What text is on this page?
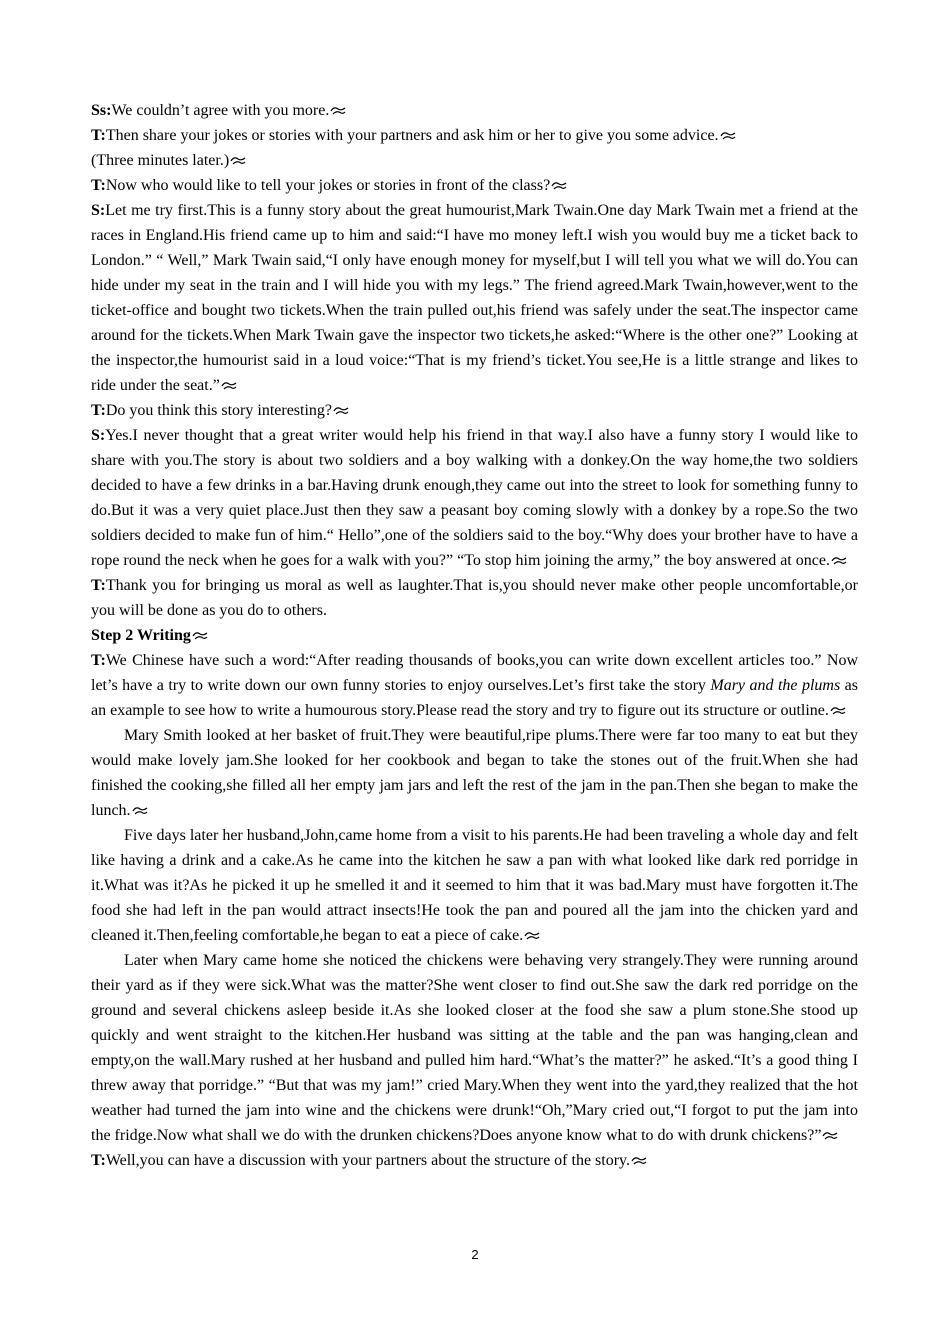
Ss:We couldn’t agree with you more.

T:Then share your jokes or stories with your partners and ask him or her to give you some advice.

(Three minutes later.)

T:Now who would like to tell your jokes or stories in front of the class?

S:Let me try first.This is a funny story about the great humourist,Mark Twain.One day Mark Twain met a friend at the races in England.His friend came up to him and said:“I have mo money left.I wish you would buy me a ticket back to London.” “ Well,” Mark Twain said,“I only have enough money for myself,but I will tell you what we will do.You can hide under my seat in the train and I will hide you with my legs.” The friend agreed.Mark Twain,however,went to the ticket-office and bought two tickets.When the train pulled out,his friend was safely under the seat.The inspector came around for the tickets.When Mark Twain gave the inspector two tickets,he asked:“Where is the other one?” Looking at the inspector,the humourist said in a loud voice:“That is my friend’s ticket.You see,He is a little strange and likes to ride under the seat.”

T:Do you think this story interesting?

S:Yes.I never thought that a great writer would help his friend in that way.I also have a funny story I would like to share with you.The story is about two soldiers and a boy walking with a donkey.On the way home,the two soldiers decided to have a few drinks in a bar.Having drunk enough,they came out into the street to look for something funny to do.But it was a very quiet place.Just then they saw a peasant boy coming slowly with a donkey by a rope.So the two soldiers decided to make fun of him.“ Hello”,one of the soldiers said to the boy.“Why does your brother have to have a rope round the neck when he goes for a walk with you?” “To stop him joining the army,” the boy answered at once.

T:Thank you for bringing us moral as well as laughter.That is,you should never make other people uncomfortable,or you will be done as you do to others.

Step 2 Writing

T:We Chinese have such a word:“After reading thousands of books,you can write down excellent articles too.” Now let’s have a try to write down our own funny stories to enjoy ourselves.Let’s first take the story Mary and the plums as an example to see how to write a humourous story.Please read the story and try to figure out its structure or outline.

Mary Smith looked at her basket of fruit.They were beautiful,ripe plums.There were far too many to eat but they would make lovely jam.She looked for her cookbook and began to take the stones out of the fruit.When she had finished the cooking,she filled all her empty jam jars and left the rest of the jam in the pan.Then she began to make the lunch.

Five days later her husband,John,came home from a visit to his parents.He had been traveling a whole day and felt like having a drink and a cake.As he came into the kitchen he saw a pan with what looked like dark red porridge in it.What was it?As he picked it up he smelled it and it seemed to him that it was bad.Mary must have forgotten it.The food she had left in the pan would attract insects!He took the pan and poured all the jam into the chicken yard and cleaned it.Then,feeling comfortable,he began to eat a piece of cake.

Later when Mary came home she noticed the chickens were behaving very strangely.They were running around their yard as if they were sick.What was the matter?She went closer to find out.She saw the dark red porridge on the ground and several chickens asleep beside it.As she looked closer at the food she saw a plum stone.She stood up quickly and went straight to the kitchen.Her husband was sitting at the table and the pan was hanging,clean and empty,on the wall.Mary rushed at her husband and pulled him hard.“What’s the matter?” he asked.“It’s a good thing I threw away that porridge.” “But that was my jam!” cried Mary.When they went into the yard,they realized that the hot weather had turned the jam into wine and the chickens were drunk!“Oh,”Mary cried out,“I forgot to put the jam into the fridge.Now what shall we do with the drunken chickens?Does anyone know what to do with drunk chickens?”

T:Well,you can have a discussion with your partners about the structure of the story.

2
